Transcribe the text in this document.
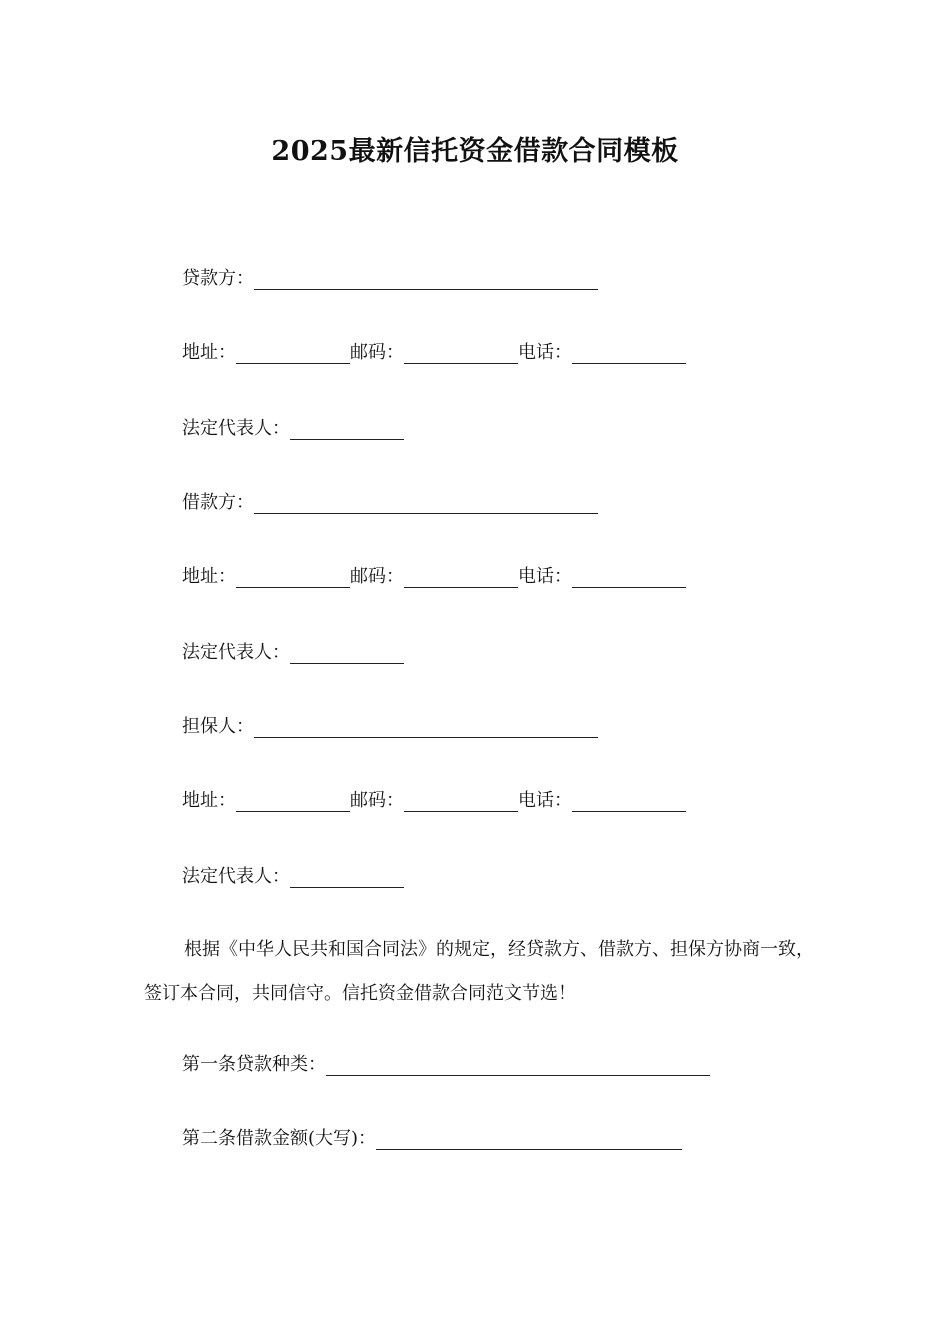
2025最新信托资金借款合同模板
贷款方：
地址：	邮码：	电话：
法定代表人：
借款方：
地址：	邮码：	电话：
法定代表人：
担保人：
地址：	邮码：	电话：
法定代表人：
根据《中华人民共和国合同法》的规定，经贷款方、借款方、担保方协商一致，签订本合同，共同信守。信托资金借款合同范文节选！
第一条贷款种类：
第二条借款金额(大写)：
